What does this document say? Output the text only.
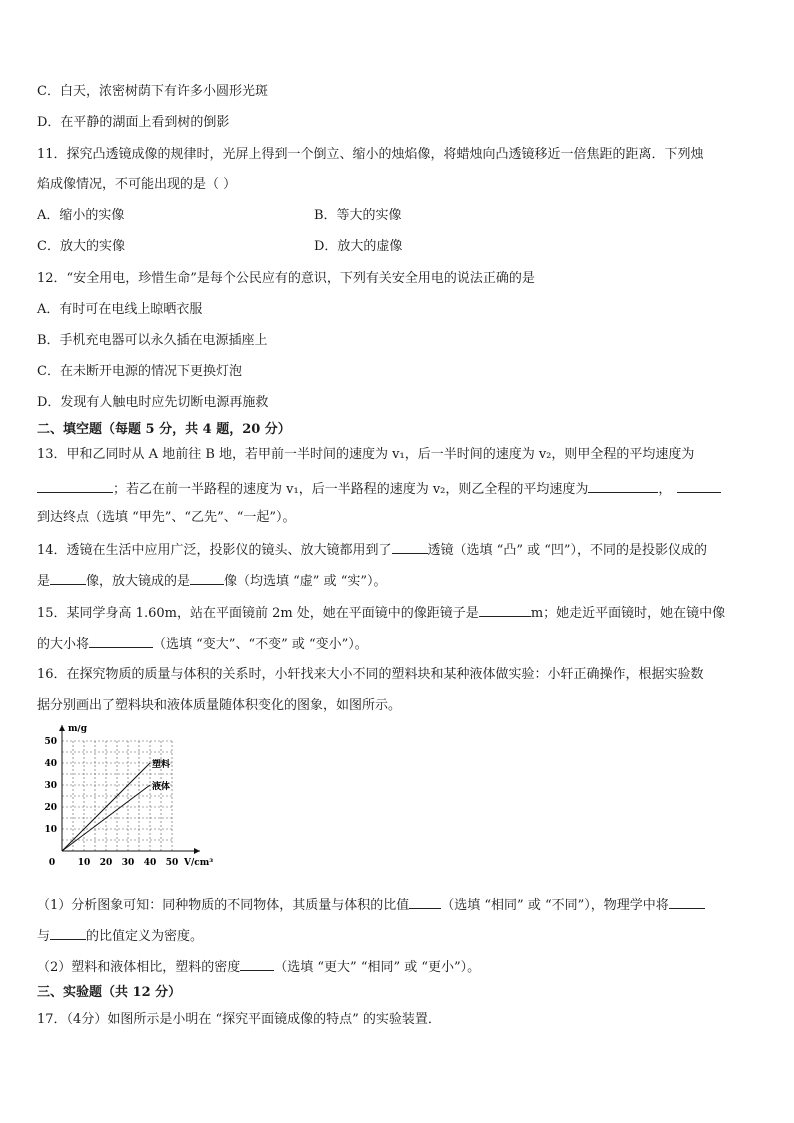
C．白天，浓密树荫下有许多小圆形光斑
D．在平静的湖面上看到树的倒影
11．探究凸透镜成像的规律时，光屏上得到一个倒立、缩小的烛焰像，将蜡烛向凸透镜移近一倍焦距的距离．下列烛
焰成像情况，不可能出现的是（ ）
A．缩小的实像	B．等大的实像
C．放大的实像	D．放大的虚像
12．“安全用电，珍惜生命”是每个公民应有的意识，下列有关安全用电的说法正确的是
A．有时可在电线上晾晒衣服
B．手机充电器可以永久插在电源插座上
C．在未断开电源的情况下更换灯泡
D．发现有人触电时应先切断电源再施救
二、填空题（每题 5 分，共 4 题，20 分）
13．甲和乙同时从 A 地前往 B 地，若甲前一半时间的速度为 v₁，后一半时间的速度为 v₂，则甲全程的平均速度为
；若乙在前一半路程的速度为 v₁，后一半路程的速度为 v₂，则乙全程的平均速度为	，
到达终点（选填 “甲先”、“乙先”、“一起”）。
14．透镜在生活中应用广泛，投影仪的镜头、放大镜都用到了	透镜（选填 “凸” 或 “凹”），不同的是投影仪成的
是	像，放大镜成的是	像（均选填 “虚” 或 “实”）。
15．某同学身高 1.60m，站在平面镜前 2m 处，她在平面镜中的像距镜子是	m；她走近平面镜时，她在镜中像
的大小将	（选填 “变大”、“不变” 或 “变小”）。
16．在探究物质的质量与体积的关系时，小轩找来大小不同的塑料块和某种液体做实验：小轩正确操作，根据实验数
据分别画出了塑料块和液体质量随体积变化的图象，如图所示。
10 20 30 40 50
10
20
30
40
50
0	V/cm³
m/g
塑料
液体
（1）分析图象可知：同种物质的不同物体，其质量与体积的比值 （选填 “相同” 或 “不同”），物理学中将
与	的比值定义为密度。
（2）塑料和液体相比，塑料的密度	（选填 “更大” “相同” 或 “更小”）。
三、实验题（共 12 分）
17．（4分）如图所示是小明在 “探究平面镜成像的特点” 的实验装置．
